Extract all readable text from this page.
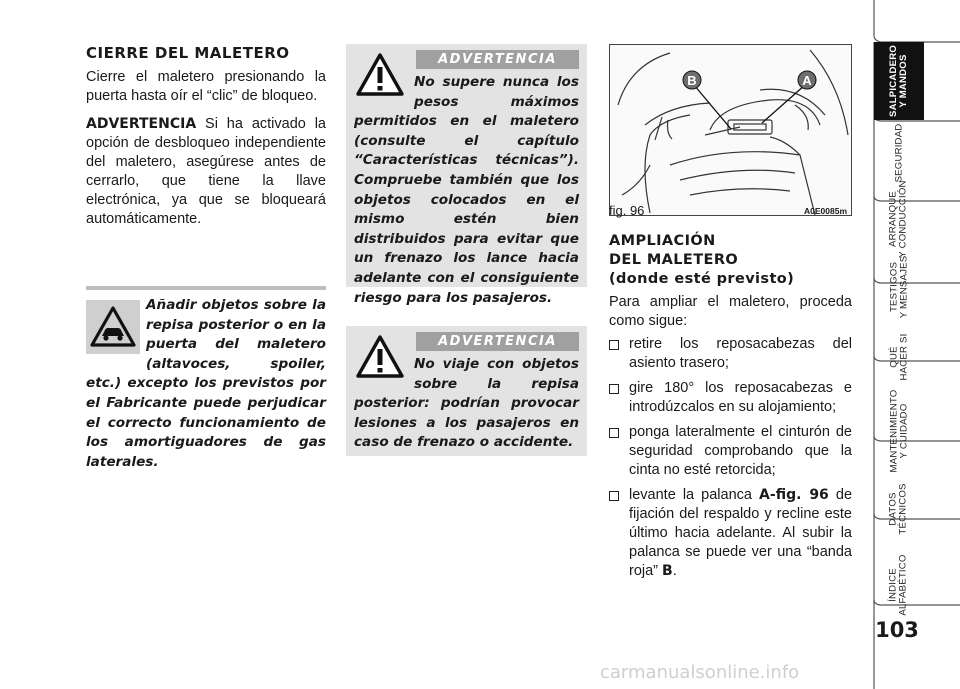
CIERRE DEL MALETERO

Cierre el maletero presionando la puerta hasta oír el “clic” de bloqueo.

ADVERTENCIA Si ha activado la opción de desbloqueo independiente del maletero, asegúrese antes de cerrarlo, que tiene la llave electrónica, ya que se bloqueará automáticamente.

Añadir objetos sobre la repisa posterior o en la puerta del maletero (altavoces, spoiler, etc.) excepto los previstos por el Fabricante puede perjudicar el correcto funcionamiento de los amortiguadores de gas laterales.
ADVERTENCIA
No supere nunca los pesos máximos permitidos en el maletero (consulte el capítulo “Características técnicas”). Compruebe también que los objetos colocados en el mismo estén bien distribuidos para evitar que un frenazo los lance hacia adelante con el consiguiente riesgo para los pasajeros.
ADVERTENCIA
No viaje con objetos sobre la repisa posterior: podrían provocar lesiones a los pasajeros en caso de frenazo o accidente.
B	A
fig. 96	A0E0085m
AMPLIACIÓN
DEL MALETERO
(donde esté previsto)

Para ampliar el maletero, proceda como sigue:

retire los reposacabezas del asiento trasero;
gire 180° los reposacabezas e introdúzcalos en su alojamiento;
ponga lateralmente el cinturón de seguridad comprobando que la cinta no esté retorcida;
levante la palanca A-fig. 96 de fijación del respaldo y recline este último hacia adelante. Al subir la palanca se puede ver una “banda roja” B.
SALPICADERO
Y MANDOS
SEGURIDAD
ARRANQUE
Y CONDUCCIÓN
TESTIGOS
Y MENSAJES
QUÉ
HACER SI
MANTENIMIENTO
Y CUIDADO
DATOS
TÉCNICOS
ÍNDICE
ALFABÉTICO
103
carmanualsonline.info
